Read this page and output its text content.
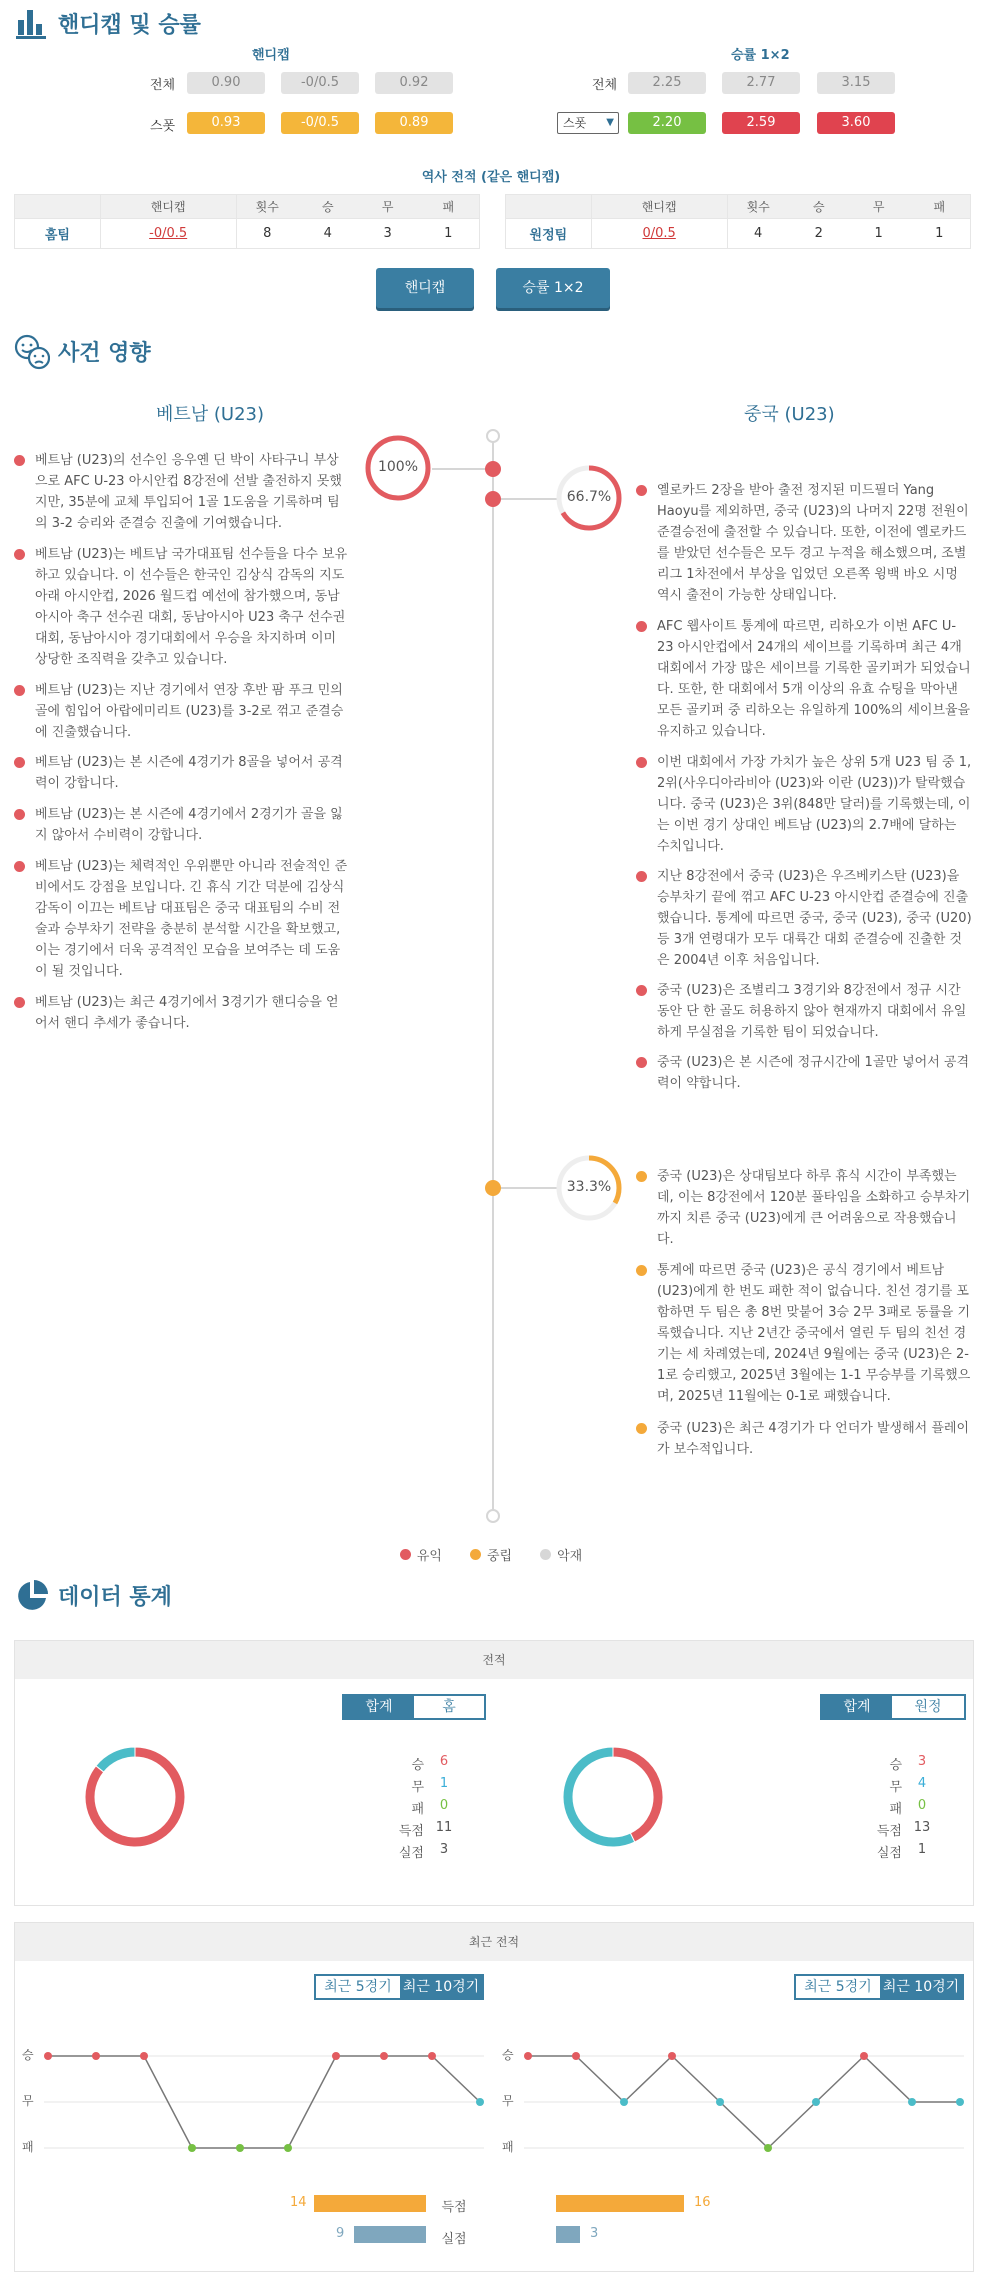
핸디캡 및 승률
핸디캡	승률 1×2
전체	0.90	-0/0.5	0.92
스폿	0.93	-0/0.5	0.89
전체	2.25	2.77	3.15
스폿 ▼	2.20	2.59	3.60
역사 전적 (같은 핸디캡)
	핸디캡	횟수	승	무	패
홈팀	-0/0.5	8	4	3	1
	핸디캡	횟수	승	무	패
원정팀	0/0.5	4	2	1	1
핸디캡	승률 1×2
사건 영향
베트남 (U23)	중국 (U23)
100%
66.7%
33.3%
베트남 (U23)의 선수인 응우옌 딘 박이 사타구니 부상으로 AFC U-23 아시안컵 8강전에 선발 출전하지 못했지만, 35분에 교체 투입되어 1골 1도움을 기록하며 팀의 3-2 승리와 준결승 진출에 기여했습니다.
베트남 (U23)는 베트남 국가대표팀 선수들을 다수 보유하고 있습니다. 이 선수들은 한국인 김상식 감독의 지도 아래 아시안컵, 2026 월드컵 예선에 참가했으며, 동남아시아 축구 선수권 대회, 동남아시아 U23 축구 선수권 대회, 동남아시아 경기대회에서 우승을 차지하며 이미 상당한 조직력을 갖추고 있습니다.
베트남 (U23)는 지난 경기에서 연장 후반 팜 푸크 민의 골에 힘입어 아랍에미리트 (U23)를 3-2로 꺾고 준결승에 진출했습니다.
베트남 (U23)는 본 시즌에 4경기가 8골을 넣어서 공격력이 강합니다.
베트남 (U23)는 본 시즌에 4경기에서 2경기가 골을 잃지 않아서 수비력이 강합니다.
베트남 (U23)는 체력적인 우위뿐만 아니라 전술적인 준비에서도 강점을 보입니다. 긴 휴식 기간 덕분에 김상식 감독이 이끄는 베트남 대표팀은 중국 대표팀의 수비 전술과 승부차기 전략을 충분히 분석할 시간을 확보했고, 이는 경기에서 더욱 공격적인 모습을 보여주는 데 도움이 될 것입니다.
베트남 (U23)는 최근 4경기에서 3경기가 핸디승을 얻어서 핸디 추세가 좋습니다.
옐로카드 2장을 받아 출전 정지된 미드필더 Yang Haoyu를 제외하면, 중국 (U23)의 나머지 22명 전원이 준결승전에 출전할 수 있습니다. 또한, 이전에 옐로카드를 받았던 선수들은 모두 경고 누적을 해소했으며, 조별리그 1차전에서 부상을 입었던 오른쪽 윙백 바오 시멍 역시 출전이 가능한 상태입니다.
AFC 웹사이트 통계에 따르면, 리하오가 이번 AFC U-23 아시안컵에서 24개의 세이브를 기록하며 최근 4개 대회에서 가장 많은 세이브를 기록한 골키퍼가 되었습니다. 또한, 한 대회에서 5개 이상의 유효 슈팅을 막아낸 모든 골키퍼 중 리하오는 유일하게 100%의 세이브율을 유지하고 있습니다.
이번 대회에서 가장 가치가 높은 상위 5개 U23 팀 중 1, 2위(사우디아라비아 (U23)와 이란 (U23))가 탈락했습니다. 중국 (U23)은 3위(848만 달러)를 기록했는데, 이는 이번 경기 상대인 베트남 (U23)의 2.7배에 달하는 수치입니다.
지난 8강전에서 중국 (U23)은 우즈베키스탄 (U23)을 승부차기 끝에 꺾고 AFC U-23 아시안컵 준결승에 진출했습니다. 통계에 따르면 중국, 중국 (U23), 중국 (U20)등 3개 연령대가 모두 대륙간 대회 준결승에 진출한 것은 2004년 이후 처음입니다.
중국 (U23)은 조별리그 3경기와 8강전에서 정규 시간 동안 단 한 골도 허용하지 않아 현재까지 대회에서 유일하게 무실점을 기록한 팀이 되었습니다.
중국 (U23)은 본 시즌에 정규시간에 1골만 넣어서 공격력이 약합니다.
중국 (U23)은 상대팀보다 하루 휴식 시간이 부족했는데, 이는 8강전에서 120분 풀타임을 소화하고 승부차기까지 치른 중국 (U23)에게 큰 어려움으로 작용했습니다.
통계에 따르면 중국 (U23)은 공식 경기에서 베트남 (U23)에게 한 번도 패한 적이 없습니다. 친선 경기를 포함하면 두 팀은 총 8번 맞붙어 3승 2무 3패로 동률을 기록했습니다. 지난 2년간 중국에서 열린 두 팀의 친선 경기는 세 차례였는데, 2024년 9월에는 중국 (U23)은 2-1로 승리했고, 2025년 3월에는 1-1 무승부를 기록했으며, 2025년 11월에는 0-1로 패했습니다.
중국 (U23)은 최근 4경기가 다 언더가 발생해서 플레이가 보수적입니다.
유익	중립	악재
데이터 통계
전적
합계	홈
승	6
무	1
패	0
득점 11
실점	3
합계	원정
승	3
무	4
패	0
득점 13
실점	1
최근 전적
최근 5경기 최근 10경기	최근 5경기 최근 10경기
승
무
패
승
무
패
14	득점	16
9	실점	3
